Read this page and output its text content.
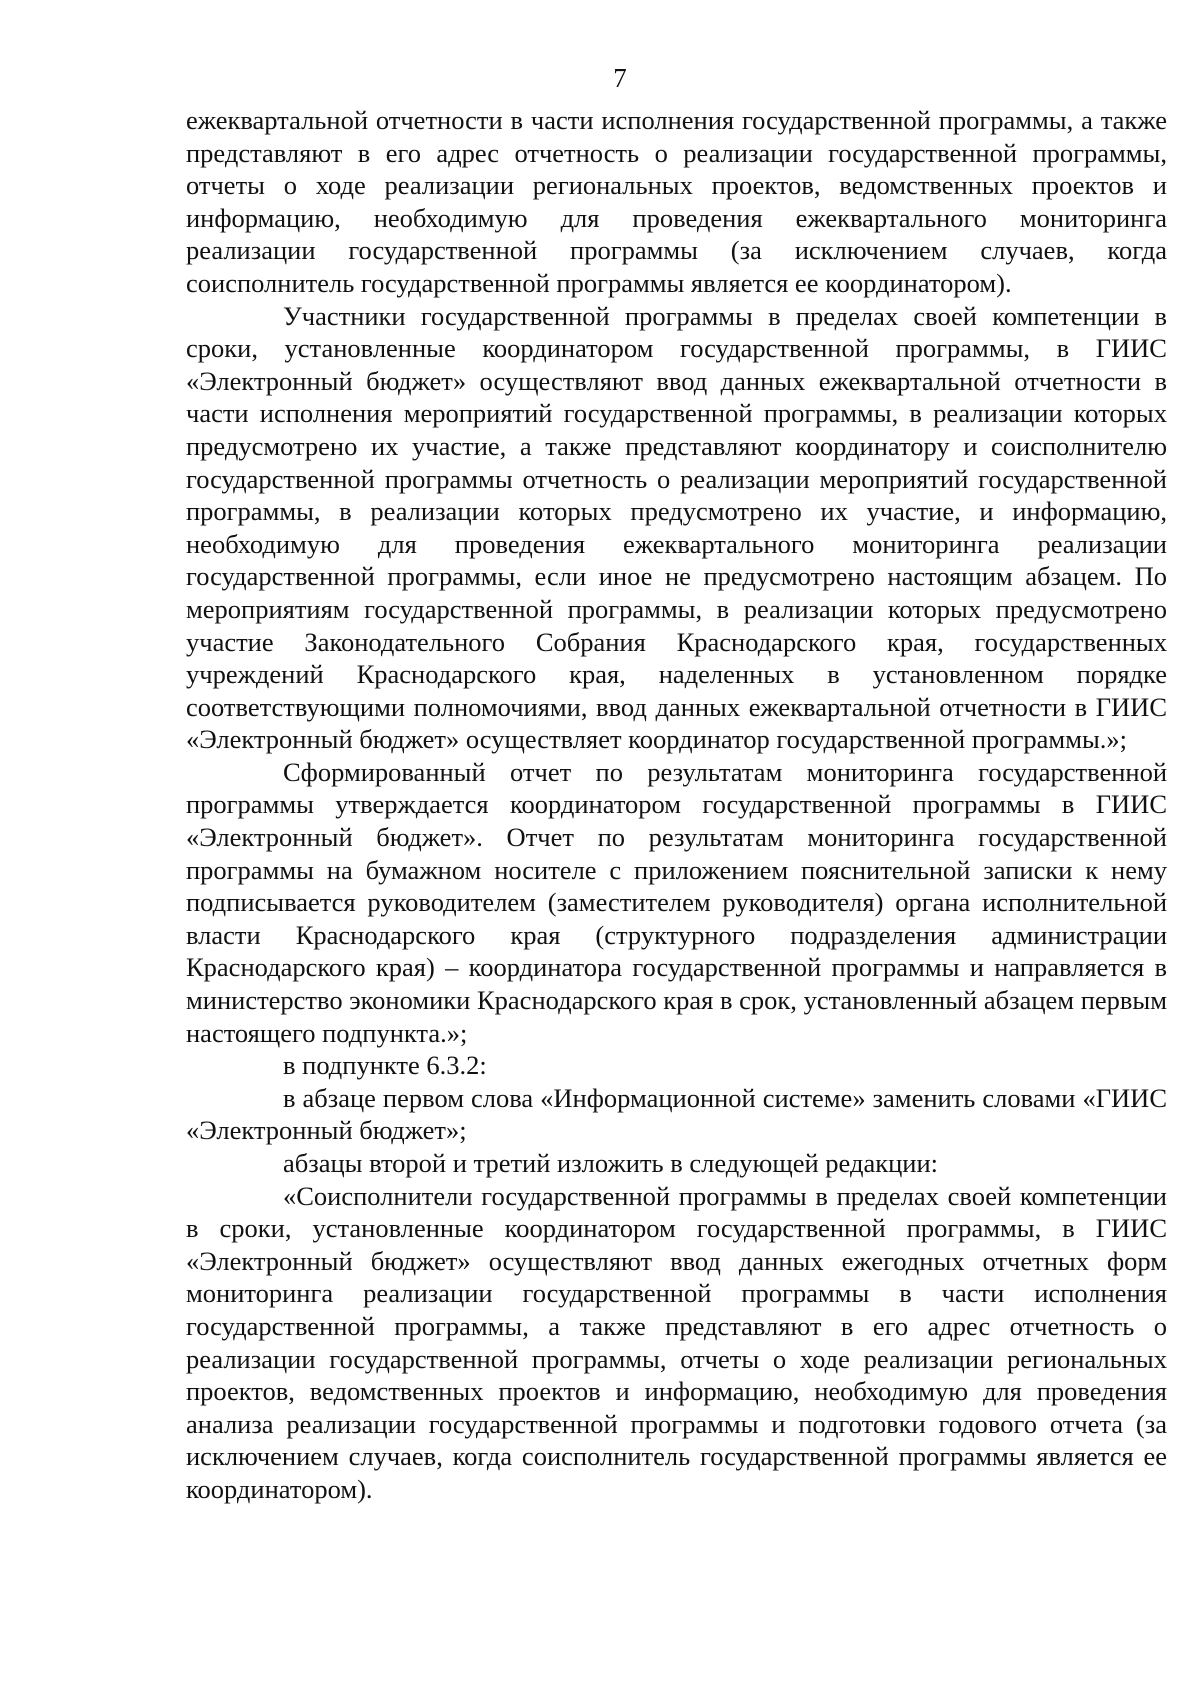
7

ежеквартальной отчетности в части исполнения государственной программы, а также представляют в его адрес отчетность о реализации государственной программы, отчеты о ходе реализации региональных проектов, ведомственных проектов и информацию, необходимую для проведения ежеквартального мониторинга реализации государственной программы (за исключением случаев, когда соисполнитель государственной программы является ее координатором).

Участники государственной программы в пределах своей компетенции в сроки, установленные координатором государственной программы, в ГИИС «Электронный бюджет» осуществляют ввод данных ежеквартальной отчетности в части исполнения мероприятий государственной программы, в реализации которых предусмотрено их участие, а также представляют координатору и соисполнителю государственной программы отчетность о реализации мероприятий государственной программы, в реализации которых предусмотрено их участие, и информацию, необходимую для проведения ежеквартального мониторинга реализации государственной программы, если иное не предусмотрено настоящим абзацем. По мероприятиям государственной программы, в реализации которых предусмотрено участие Законодательного Собрания Краснодарского края, государственных учреждений Краснодарского края, наделенных в установленном порядке соответствующими полномочиями, ввод данных ежеквартальной отчетности в ГИИС «Электронный бюджет» осуществляет координатор государственной программы.»;

Сформированный отчет по результатам мониторинга государственной программы утверждается координатором государственной программы в ГИИС «Электронный бюджет». Отчет по результатам мониторинга государственной программы на бумажном носителе с приложением пояснительной записки к нему подписывается руководителем (заместителем руководителя) органа исполнительной власти Краснодарского края (структурного подразделения администрации Краснодарского края) – координатора государственной программы и направляется в министерство экономики Краснодарского края в срок, установленный абзацем первым настоящего подпункта.»;

в подпункте 6.3.2:

в абзаце первом слова «Информационной системе» заменить словами «ГИИС «Электронный бюджет»;

абзацы второй и третий изложить в следующей редакции:

«Соисполнители государственной программы в пределах своей компетенции в сроки, установленные координатором государственной программы, в ГИИС «Электронный бюджет» осуществляют ввод данных ежегодных отчетных форм мониторинга реализации государственной программы в части исполнения государственной программы, а также представляют в его адрес отчетность о реализации государственной программы, отчеты о ходе реализации региональных проектов, ведомственных проектов и информацию, необходимую для проведения анализа реализации государственной программы и подготовки годового отчета (за исключением случаев, когда соисполнитель государственной программы является ее координатором).
